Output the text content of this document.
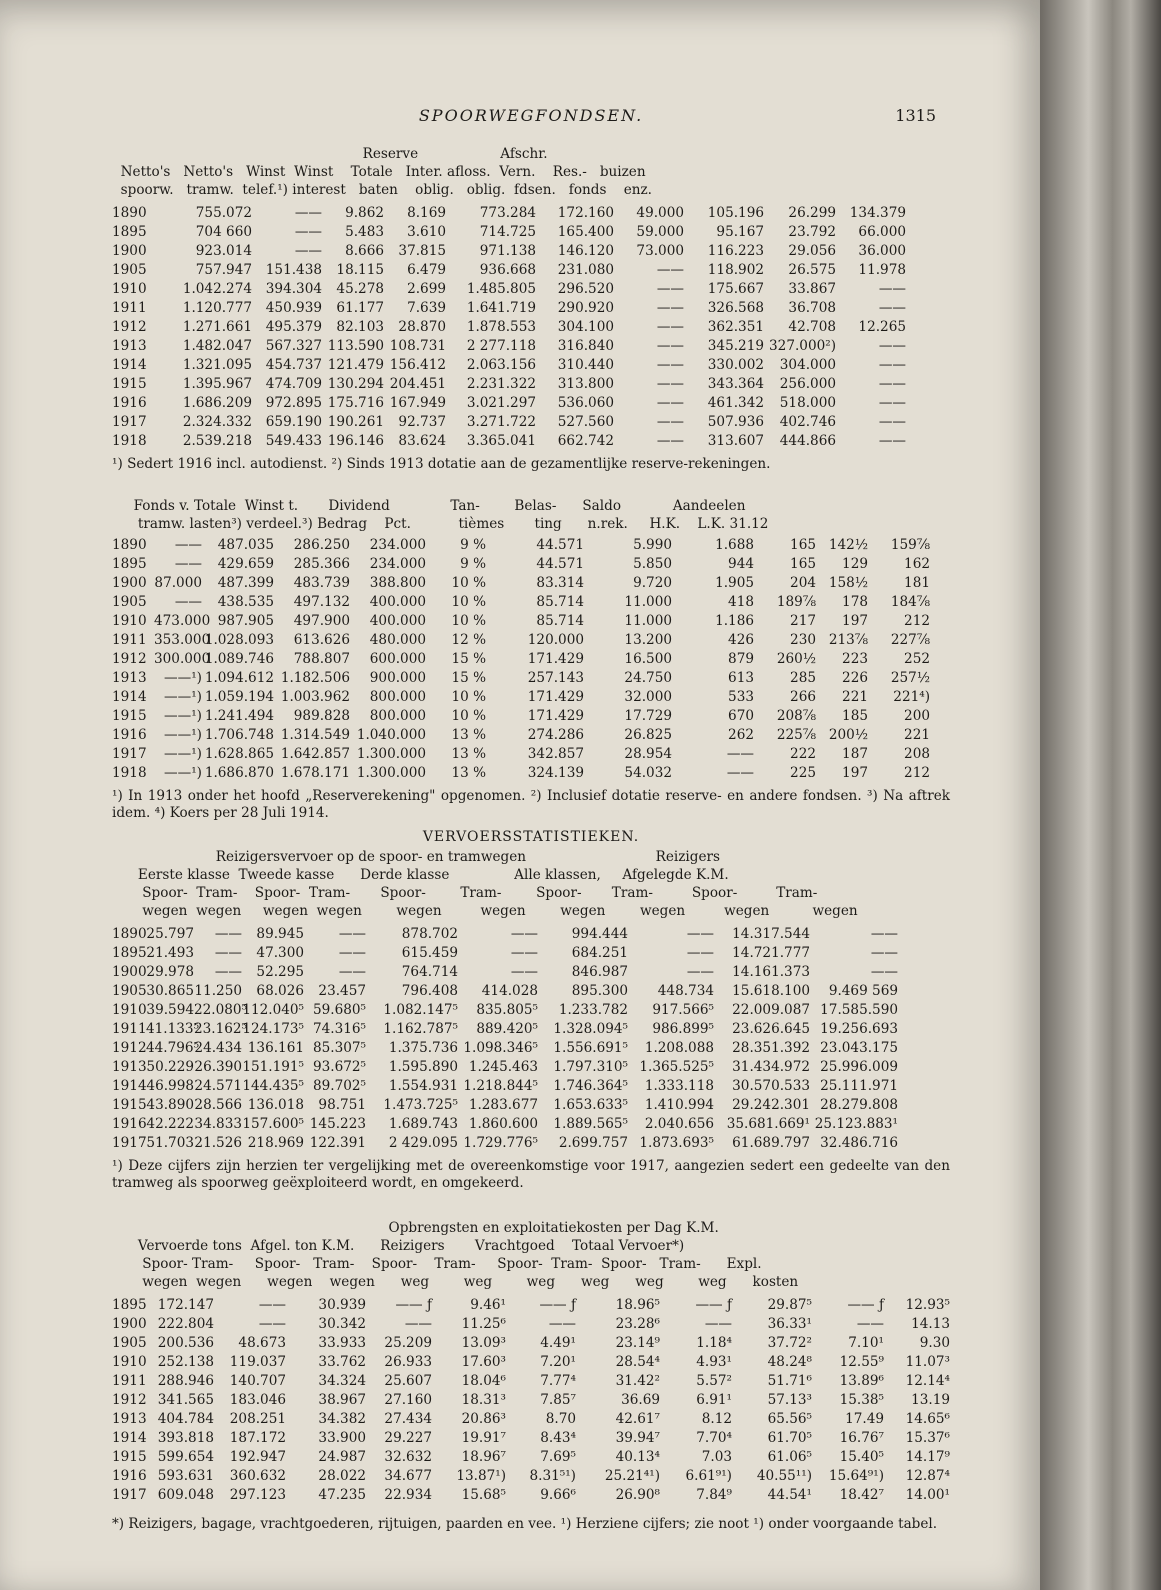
SPOORWEGFONDSEN.	1315
Reserve                   Afschr.
Netto's   Netto's   Winst  Winst    Totale   Inter. afloss.  Vern.    Res.-   buizen
spoorw.   tramw.  telef.¹) interest   baten    oblig.   oblig.  fdsen.   fonds    enz.
1890	755.072	——	9.862	8.169	773.284	172.160	49.000	105.196	26.299	134.379
1895	704 660	——	5.483	3.610	714.725	165.400	59.000	95.167	23.792	66.000
1900	923.014	——	8.666	37.815	971.138	146.120	73.000	116.223	29.056	36.000
1905	757.947	151.438	18.115	6.479	936.668	231.080	——	118.902	26.575	11.978
1910	1.042.274	394.304	45.278	2.699	1.485.805	296.520	——	175.667	33.867	——
1911	1.120.777	450.939	61.177	7.639	1.641.719	290.920	——	326.568	36.708	——
1912	1.271.661	495.379	82.103	28.870	1.878.553	304.100	——	362.351	42.708	12.265
1913	1.482.047	567.327	113.590	108.731	2 277.118	316.840	——	345.219	327.000²)	——
1914	1.321.095	454.737	121.479	156.412	2.063.156	310.440	——	330.002	304.000	——
1915	1.395.967	474.709	130.294	204.451	2.231.322	313.800	——	343.364	256.000	——
1916	1.686.209	972.895	175.716	167.949	3.021.297	536.060	——	461.342	518.000	——
1917	2.324.332	659.190	190.261	92.737	3.271.722	527.560	——	507.936	402.746	——
1918	2.539.218	549.433	196.146	83.624	3.365.041	662.742	——	313.607	444.866	——

¹) Sedert 1916 incl. autodienst. ²) Sinds 1913 dotatie aan de gezamentlijke reserve-rekeningen.

Fonds v. Totale  Winst t.       Dividend              Tan-        Belas-      Saldo            Aandeelen
tramw. lasten³) verdeel.³) Bedrag    Pct.           tièmes       ting      n.rek.     H.K.    L.K. 31.12
1890	——	487.035	286.250	234.000	9 %	44.571	5.990	1.688	165	142½	159⅞
1895	——	429.659	285.366	234.000	9 %	44.571	5.850	944	165	129	162
1900	87.000	487.399	483.739	388.800	10 %	83.314	9.720	1.905	204	158½	181
1905	——	438.535	497.132	400.000	10 %	85.714	11.000	418	189⅞	178	184⅞
1910	473.000	987.905	497.900	400.000	10 %	85.714	11.000	1.186	217	197	212
1911	353.000	1.028.093	613.626	480.000	12 %	120.000	13.200	426	230	213⅞	227⅞
1912	300.000	1.089.746	788.807	600.000	15 %	171.429	16.500	879	260½	223	252
1913	——¹)	1.094.612	1.182.506	900.000	15 %	257.143	24.750	613	285	226	257½
1914	——¹)	1.059.194	1.003.962	800.000	10 %	171.429	32.000	533	266	221	221⁴)
1915	——¹)	1.241.494	989.828	800.000	10 %	171.429	17.729	670	208⅞	185	200
1916	——¹)	1.706.748	1.314.549	1.040.000	13 %	274.286	26.825	262	225⅞	200½	221
1917	——¹)	1.628.865	1.642.857	1.300.000	13 %	342.857	28.954	——	222	187	208
1918	——¹)	1.686.870	1.678.171	1.300.000	13 %	324.139	54.032	——	225	197	212

¹) In 1913 onder het hoofd „Reserverekening" opgenomen. ²) Inclusief dotatie reserve- en andere fondsen. ³) Na aftrek idem. ⁴) Koers per 28 Juli 1914.

VERVOERSSTATISTIEKEN.
Reizigersvervoer op de spoor- en tramwegen                              Reizigers
Eerste klasse  Tweede kasse      Derde klasse               Alle klassen,     Afgelegde K.M.
Spoor-  Tram-    Spoor-  Tram-       Spoor-        Tram-        Spoor-       Tram-         Spoor-         Tram-
wegen  wegen     wegen  wegen        wegen         wegen        wegen        wegen         wegen          wegen
1890	25.797	——	89.945	——	878.702	——	994.444	——	14.317.544	——
1895	21.493	——	47.300	——	615.459	——	684.251	——	14.721.777	——
1900	29.978	——	52.295	——	764.714	——	846.987	——	14.161.373	——
1905	30.865	11.250	68.026	23.457	796.408	414.028	895.300	448.734	15.618.100	9.469 569
1910	39.594	22.080⁵	112.040⁵	59.680⁵	1.082.147⁵	835.805⁵	1.233.782	917.566⁵	22.009.087	17.585.590
1911	41.133⁵	23.162⁵	124.173⁵	74.316⁵	1.162.787⁵	889.420⁵	1.328.094⁵	986.899⁵	23.626.645	19.256.693
1912	44.796⁵	24.434	136.161	85.307⁵	1.375.736	1.098.346⁵	1.556.691⁵	1.208.088	28.351.392	23.043.175
1913	50.229	26.390	151.191⁵	93.672⁵	1.595.890	1.245.463	1.797.310⁵	1.365.525⁵	31.434.972	25.996.009
1914	46.998	24.571	144.435⁵	89.702⁵	1.554.931	1.218.844⁵	1.746.364⁵	1.333.118	30.570.533	25.111.971
1915	43.890	28.566	136.018	98.751	1.473.725⁵	1.283.677	1.653.633⁵	1.410.994	29.242.301	28.279.808
1916	42.222	34.833	157.600⁵	145.223	1.689.743	1.860.600	1.889.565⁵	2.040.656	35.681.669¹	25.123.883¹
1917	51.703	21.526	218.969	122.391	2 429.095	1.729.776⁵	2.699.757	1.873.693⁵	61.689.797	32.486.716

¹) Deze cijfers zijn herzien ter vergelijking met de overeenkomstige voor 1917, aangezien sedert een gedeelte van den tramweg als spoorweg geëxploiteerd wordt, en omgekeerd.

Opbrengsten en exploitatiekosten per Dag K.M.
Vervoerde tons  Afgel. ton K.M.      Reizigers       Vrachtgoed    Totaal Vervoer*)
Spoor- Tram-     Spoor-   Tram-    Spoor-    Tram-     Spoor-  Tram-  Spoor-   Tram-      Expl.
wegen  wegen      wegen    wegen      weg        weg        weg      weg      weg        weg      kosten
1895	172.147	——	30.939	—— ƒ	9.46¹	—— ƒ	18.96⁵	—— ƒ	29.87⁵	—— ƒ	12.93⁵
1900	222.804	——	30.342	——	11.25⁶	——	23.28⁶	——	36.33¹	——	14.13
1905	200.536	48.673	33.933	25.209	13.09³	4.49¹	23.14⁹	1.18⁴	37.72²	7.10¹	9.30
1910	252.138	119.037	33.762	26.933	17.60³	7.20¹	28.54⁴	4.93¹	48.24⁸	12.55⁹	11.07³
1911	288.946	140.707	34.324	25.607	18.04⁶	7.77⁴	31.42²	5.57²	51.71⁶	13.89⁶	12.14⁴
1912	341.565	183.046	38.967	27.160	18.31³	7.85⁷	36.69	6.91¹	57.13³	15.38⁵	13.19
1913	404.784	208.251	34.382	27.434	20.86³	8.70	42.61⁷	8.12	65.56⁵	17.49	14.65⁶
1914	393.818	187.172	33.900	29.227	19.91⁷	8.43⁴	39.94⁷	7.70⁴	61.70⁵	16.76⁷	15.37⁶
1915	599.654	192.947	24.987	32.632	18.96⁷	7.69⁵	40.13⁴	7.03	61.06⁵	15.40⁵	14.17⁹
1916	593.631	360.632	28.022	34.677	13.87¹)	8.31⁵¹)	25.21⁴¹)	6.61⁹¹)	40.55¹¹)	15.64⁹¹)	12.87⁴
1917	609.048	297.123	47.235	22.934	15.68⁵	9.66⁶	26.90⁸	7.84⁹	44.54¹	18.42⁷	14.00¹

*) Reizigers, bagage, vrachtgoederen, rijtuigen, paarden en vee. ¹) Herziene cijfers; zie noot ¹) onder voorgaande tabel.
